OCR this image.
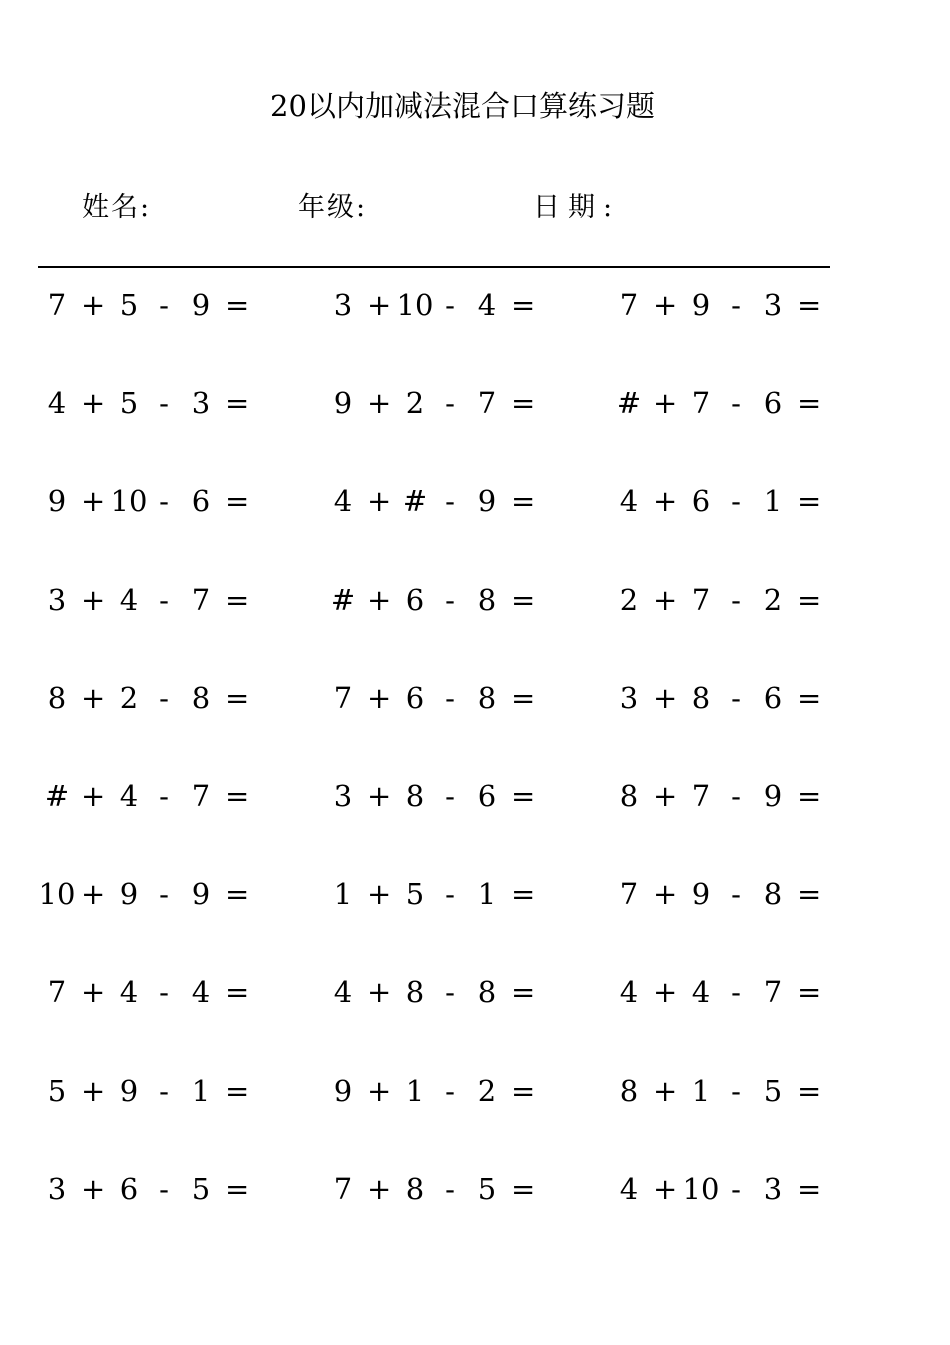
20以内加减法混合口算练习题
姓名:	年级:	日期:
7 + 5 - 9 =	3 + 10 - 4 =	7 + 9 - 3 =
4 + 5 - 3 =	9 + 2 - 7 =	# + 7 - 6 =
9 + 10 - 6 =	4 + # - 9 =	4 + 6 - 1 =
3 + 4 - 7 =	# + 6 - 8 =	2 + 7 - 2 =
8 + 2 - 8 =	7 + 6 - 8 =	3 + 8 - 6 =
# + 4 - 7 =	3 + 8 - 6 =	8 + 7 - 9 =
10 + 9 - 9 =	1 + 5 - 1 =	7 + 9 - 8 =
7 + 4 - 4 =	4 + 8 - 8 =	4 + 4 - 7 =
5 + 9 - 1 =	9 + 1 - 2 =	8 + 1 - 5 =
3 + 6 - 5 =	7 + 8 - 5 =	4 + 10 - 3 =
